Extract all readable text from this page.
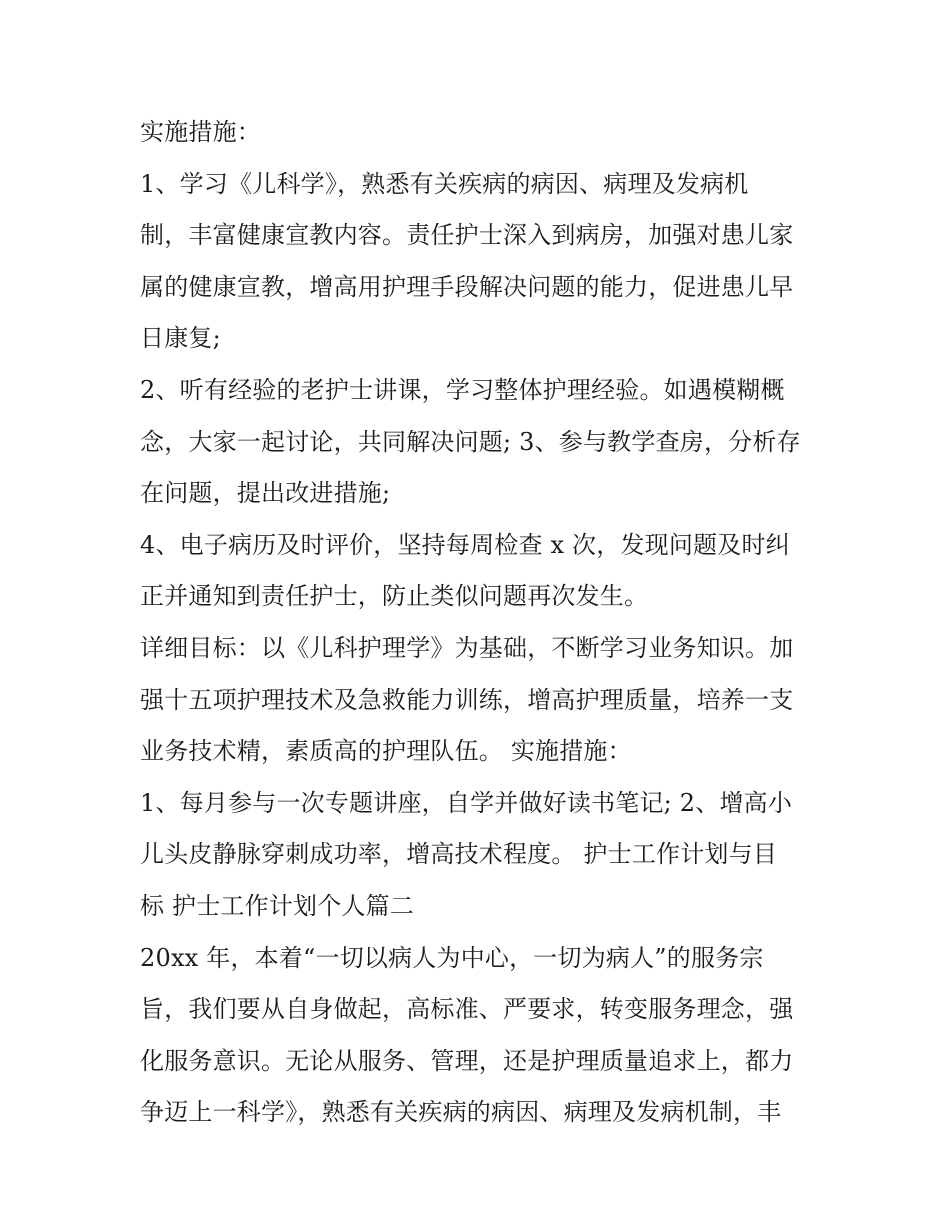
实施措施：
1、学习《儿科学》，熟悉有关疾病的病因、病理及发病机
制，丰富健康宣教内容。责任护士深入到病房，加强对患儿家
属的健康宣教，增高用护理手段解决问题的能力，促进患儿早
日康复;
2、听有经验的老护士讲课，学习整体护理经验。如遇模糊概
念，大家一起讨论，共同解决问题; 3、参与教学查房，分析存
在问题，提出改进措施;
4、电子病历及时评价，坚持每周检查 x 次，发现问题及时纠
正并通知到责任护士，防止类似问题再次发生。
详细目标：以《儿科护理学》为基础，不断学习业务知识。加
强十五项护理技术及急救能力训练，增高护理质量，培养一支
业务技术精，素质高的护理队伍。 实施措施：
1、每月参与一次专题讲座，自学并做好读书笔记; 2、增高小
儿头皮静脉穿刺成功率，增高技术程度。 护士工作计划与目
标 护士工作计划个人篇二
20xx 年，本着“一切以病人为中心，一切为病人”的服务宗
旨，我们要从自身做起，高标准、严要求，转变服务理念，强
化服务意识。无论从服务、管理，还是护理质量追求上，都力
争迈上一科学》，熟悉有关疾病的病因、病理及发病机制，丰
